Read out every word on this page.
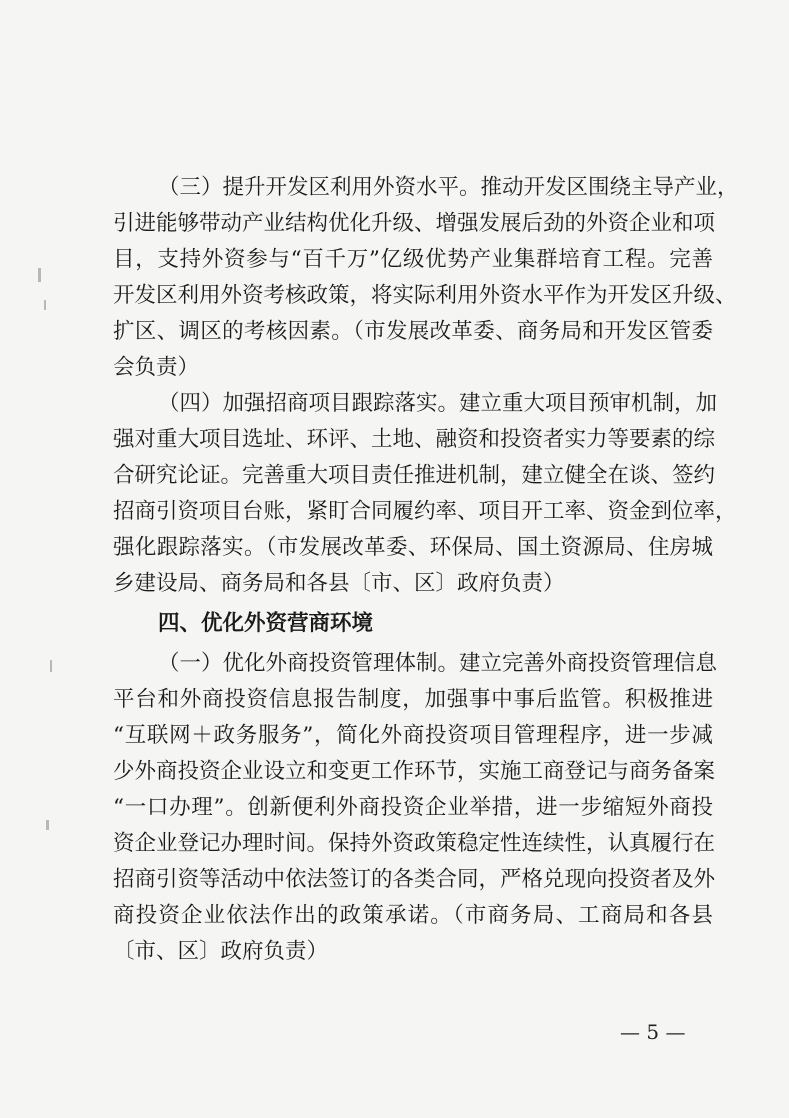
（三）提升开发区利用外资水平。推动开发区围绕主导产业，
引进能够带动产业结构优化升级、增强发展后劲的外资企业和项
目，支持外资参与“百千万”亿级优势产业集群培育工程。完善
开发区利用外资考核政策，将实际利用外资水平作为开发区升级、
扩区、调区的考核因素。（市发展改革委、商务局和开发区管委
会负责）
（四）加强招商项目跟踪落实。建立重大项目预审机制，加
强对重大项目选址、环评、土地、融资和投资者实力等要素的综
合研究论证。完善重大项目责任推进机制，建立健全在谈、签约
招商引资项目台账，紧盯合同履约率、项目开工率、资金到位率，
强化跟踪落实。（市发展改革委、环保局、国土资源局、住房城
乡建设局、商务局和各县〔市、区〕政府负责）
四、优化外资营商环境
（一）优化外商投资管理体制。建立完善外商投资管理信息
平台和外商投资信息报告制度，加强事中事后监管。积极推进
“互联网＋政务服务”，简化外商投资项目管理程序，进一步减
少外商投资企业设立和变更工作环节，实施工商登记与商务备案
“一口办理”。创新便利外商投资企业举措，进一步缩短外商投
资企业登记办理时间。保持外资政策稳定性连续性，认真履行在
招商引资等活动中依法签订的各类合同，严格兑现向投资者及外
商投资企业依法作出的政策承诺。（市商务局、工商局和各县
〔市、区〕政府负责）
— 5 —
